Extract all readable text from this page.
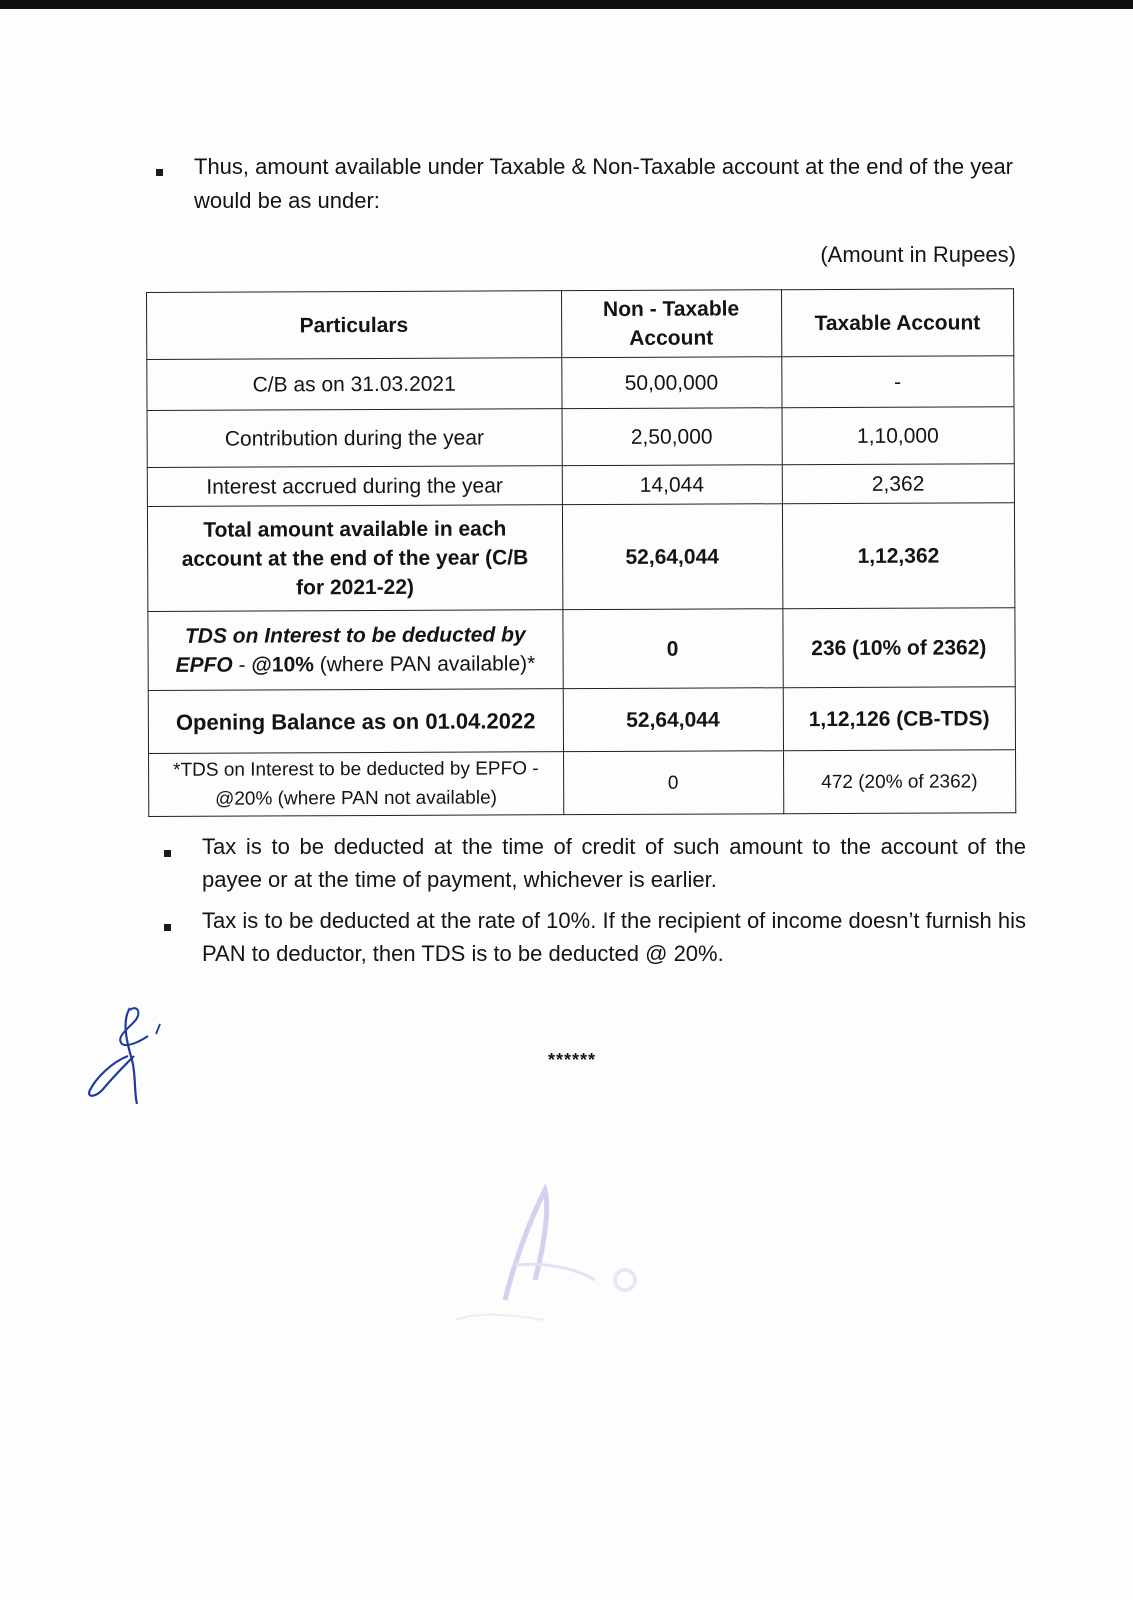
Thus, amount available under Taxable & Non-Taxable account at the end of the year would be as under:
(Amount in Rupees)
Particulars	Non - Taxable Account	Taxable Account
C/B as on 31.03.2021	50,00,000	-
Contribution during the year	2,50,000	1,10,000
Interest accrued during the year	14,044	2,362
Total amount available in each account at the end of the year (C/B for 2021-22)	52,64,044	1,12,362
TDS on Interest to be deducted by EPFO - @10% (where PAN available)*	0	236 (10% of 2362)
Opening Balance as on 01.04.2022	52,64,044	1,12,126 (CB-TDS)
*TDS on Interest to be deducted by EPFO - @20% (where PAN not available)	0	472 (20% of 2362)
Tax is to be deducted at the time of credit of such amount to the account of the payee or at the time of payment, whichever is earlier.
Tax is to be deducted at the rate of 10%. If the recipient of income doesn’t furnish his PAN to deductor, then TDS is to be deducted @ 20%.
******
